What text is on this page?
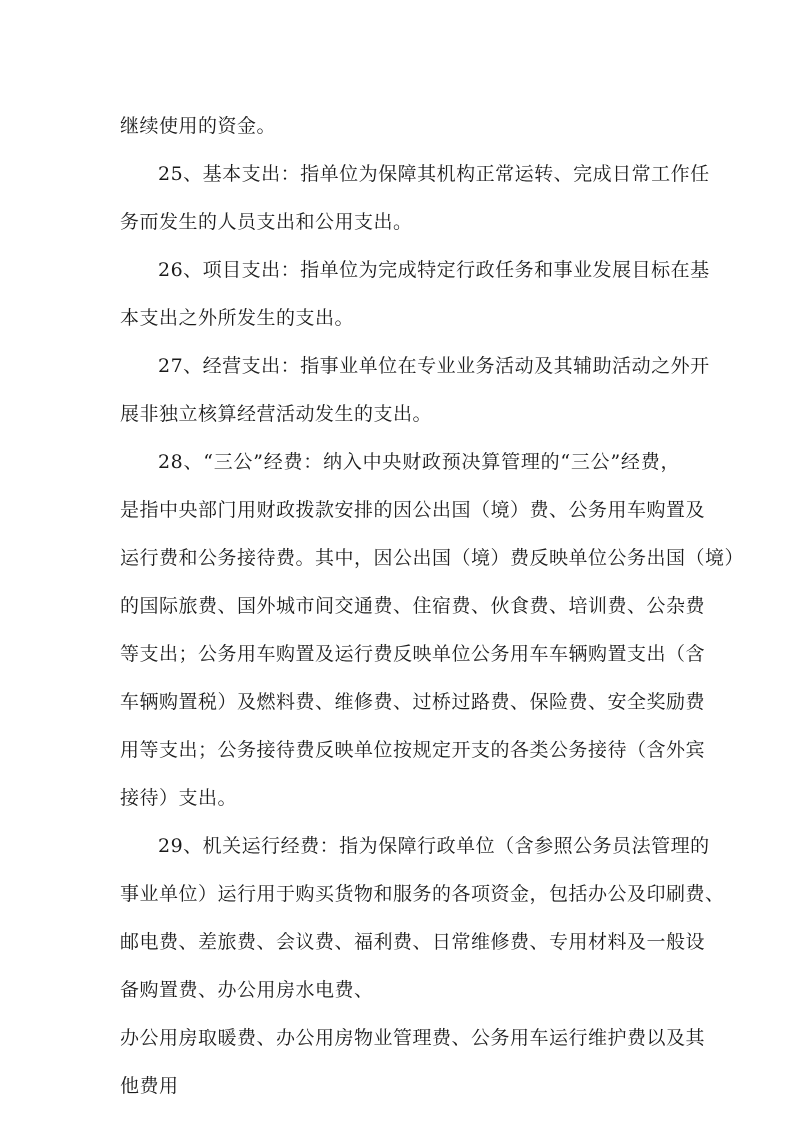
继续使用的资金。
25、基本支出：指单位为保障其机构正常运转、完成日常工作任
务而发生的人员支出和公用支出。
26、项目支出：指单位为完成特定行政任务和事业发展目标在基
本支出之外所发生的支出。
27、经营支出：指事业单位在专业业务活动及其辅助活动之外开
展非独立核算经营活动发生的支出。
28、“三公”经费：纳入中央财政预决算管理的“三公”经费，
是指中央部门用财政拨款安排的因公出国（境）费、公务用车购置及
运行费和公务接待费。其中，因公出国（境）费反映单位公务出国（境）
的国际旅费、国外城市间交通费、住宿费、伙食费、培训费、公杂费
等支出；公务用车购置及运行费反映单位公务用车车辆购置支出（含
车辆购置税）及燃料费、维修费、过桥过路费、保险费、安全奖励费
用等支出；公务接待费反映单位按规定开支的各类公务接待（含外宾
接待）支出。
29、机关运行经费：指为保障行政单位（含参照公务员法管理的
事业单位）运行用于购买货物和服务的各项资金，包括办公及印刷费、
邮电费、差旅费、会议费、福利费、日常维修费、专用材料及一般设
备购置费、办公用房水电费、
办公用房取暖费、办公用房物业管理费、公务用车运行维护费以及其
他费用
